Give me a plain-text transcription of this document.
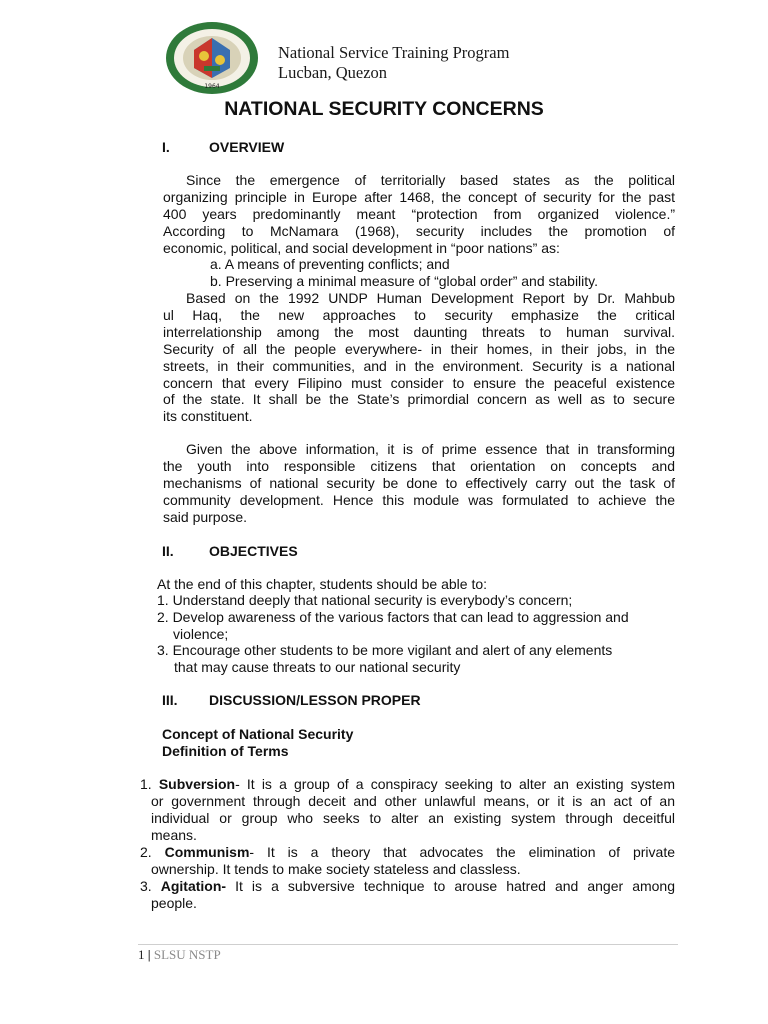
1964
National Service Training Program
Lucban, Quezon
NATIONAL SECURITY CONCERNS
I.	OVERVIEW
Since the emergence of territorially based states as the political
organizing principle in Europe after 1468, the concept of security for the past
400 years predominantly meant “protection from organized violence.”
According to McNamara (1968), security includes the promotion of
economic, political, and social development in “poor nations” as:
a. A means of preventing conflicts; and
b. Preserving a minimal measure of “global order” and stability.
Based on the 1992 UNDP Human Development Report by Dr. Mahbub
ul Haq, the new approaches to security emphasize the critical
interrelationship among the most daunting threats to human survival.
Security of all the people everywhere- in their homes, in their jobs, in the
streets, in their communities, and in the environment. Security is a national
concern that every Filipino must consider to ensure the peaceful existence
of the state. It shall be the State’s primordial concern as well as to secure
its constituent.
Given the above information, it is of prime essence that in transforming
the youth into responsible citizens that orientation on concepts and
mechanisms of national security be done to effectively carry out the task of
community development. Hence this module was formulated to achieve the
said purpose.
II.	OBJECTIVES
At the end of this chapter, students should be able to:
1. Understand deeply that national security is everybody’s concern;
2. Develop awareness of the various factors that can lead to aggression and
violence;
3. Encourage other students to be more vigilant and alert of any elements
that may cause threats to our national security
III. DISCUSSION/LESSON PROPER
Concept of National Security
Definition of Terms
1. Subversion- It is a group of a conspiracy seeking to alter an existing system
or government through deceit and other unlawful means, or it is an act of an
individual or group who seeks to alter an existing system through deceitful
means.
2. Communism- It is a theory that advocates the elimination of private
ownership. It tends to make society stateless and classless.
3. Agitation- It is a subversive technique to arouse hatred and anger among
people.
1 | SLSU NSTP
